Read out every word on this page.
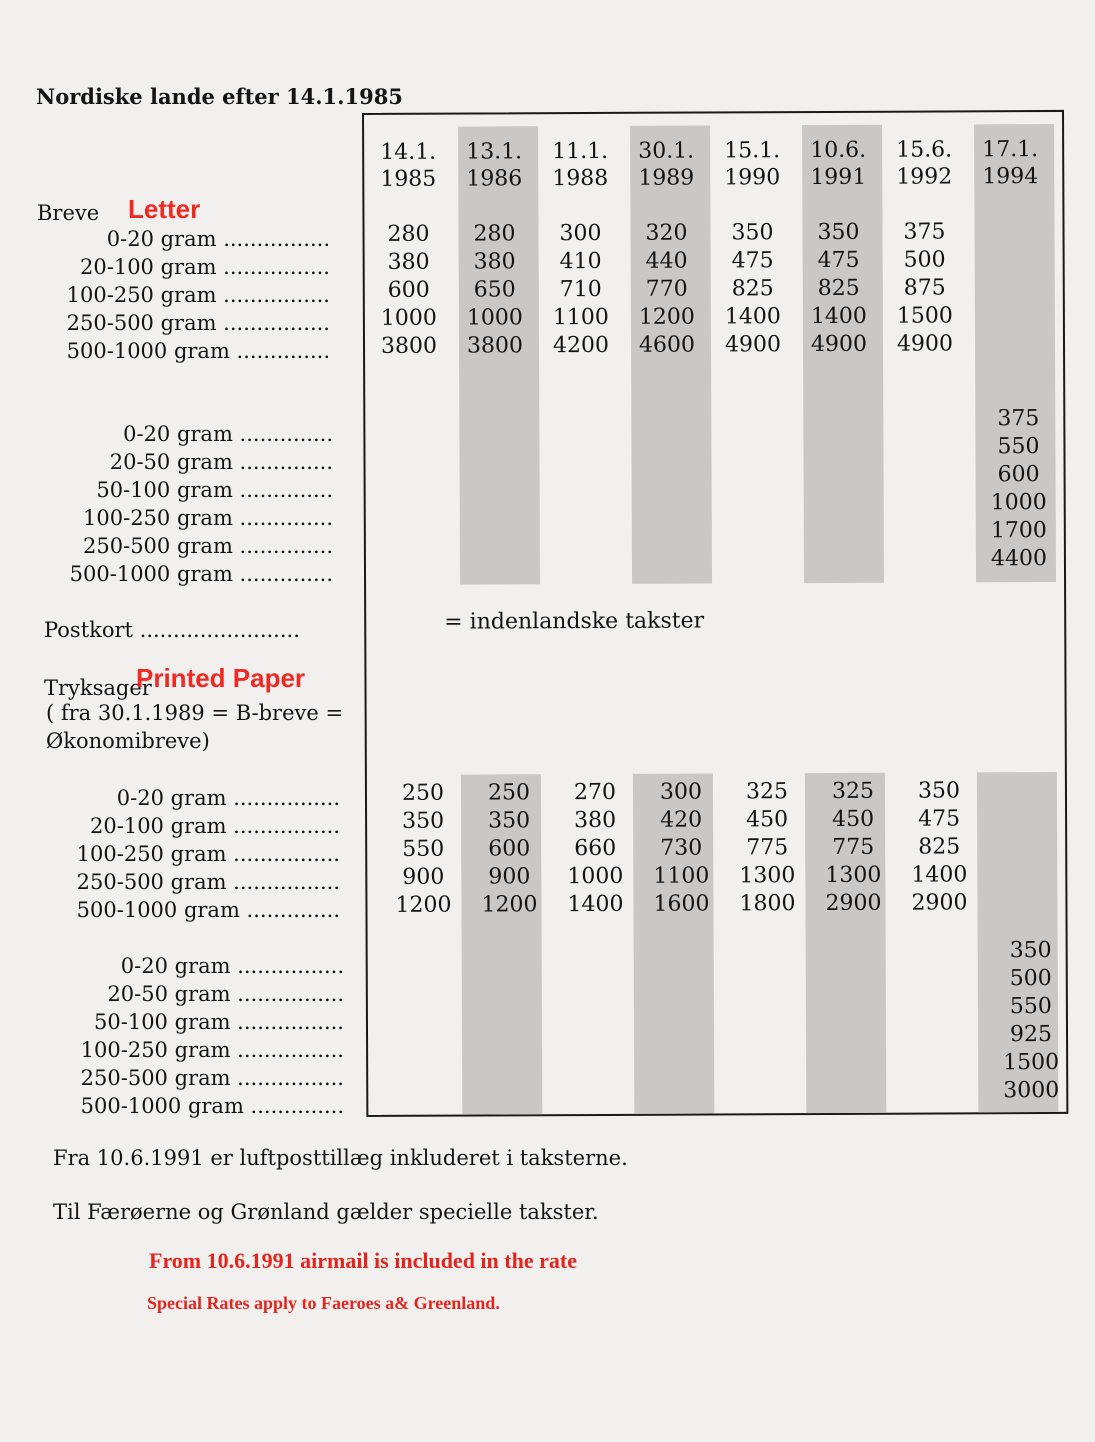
Nordiske lande efter 14.1.1985
Breve Letter
0-20 gram ................
20-100 gram ................
100-250 gram ................
250-500 gram ................
500-1000 gram ..............
0-20 gram ..............
20-50 gram ..............
50-100 gram ..............
100-250 gram ..............
250-500 gram ..............
500-1000 gram ..............
Postkort ........................
Tryksager
Printed Paper
( fra 30.1.1989 = B-breve =
Økonomibreve)
0-20 gram ................
20-100 gram ................
100-250 gram ................
250-500 gram ................
500-1000 gram ..............
0-20 gram ................
20-50 gram ................
50-100 gram ................
100-250 gram ................
250-500 gram ................
500-1000 gram ..............
14.1.
1985
13.1.
1986
11.1.
1988
30.1.
1989
15.1.
1990
10.6.
1991
15.6.
1992
17.1.
1994
280
380
600
1000
3800
280
380
650
1000
3800
300
410
710
1100
4200
320
440
770
1200
4600
350
475
825
1400
4900
350
475
825
1400
4900
375
500
875
1500
4900
375
550
600
1000
1700
4400
250
350
550
900
1200
250
350
600
900
1200
270
380
660
1000
1400
300
420
730
1100
1600
325
450
775
1300
1800
325
450
775
1300
2900
350
475
825
1400
2900
350
500
550
925
1500
3000
= indenlandske takster
Fra 10.6.1991 er luftposttillæg inkluderet i taksterne.
Til Færøerne og Grønland gælder specielle takster.
From 10.6.1991 airmail is included in the rate
Special Rates apply to Faeroes a& Greenland.
